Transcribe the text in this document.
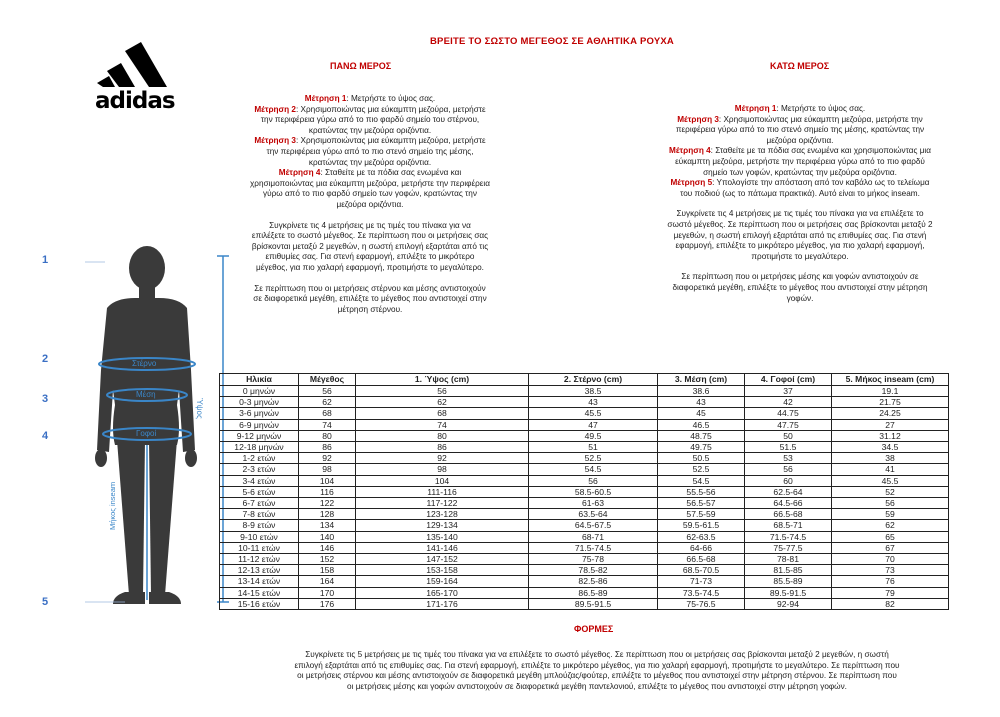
ΒΡΕΙΤΕ ΤΟ ΣΩΣΤΟ ΜΕΓΕΘΟΣ ΣΕ ΑΘΛΗΤΙΚΑ ΡΟΥΧΑ
adidas
ΠΑΝΩ ΜΕΡΟΣ

Μέτρηση 1: Μετρήστε το ύψος σας.

Μέτρηση 2: Χρησιμοποιώντας μια εύκαμπτη μεζούρα, μετρήστε

την περιφέρεια γύρω από το πιο φαρδύ σημείο του στέρνου,

κρατώντας την μεζούρα οριζόντια.

Μέτρηση 3: Χρησιμοποιώντας μια εύκαμπτη μεζούρα, μετρήστε

την περιφέρεια γύρω από το πιο στενό σημείο της μέσης,

κρατώντας την μεζούρα οριζόντια.

Μέτρηση 4: Σταθείτε με τα πόδια σας ενωμένα και

χρησιμοποιώντας μια εύκαμπτη μεζούρα, μετρήστε την περιφέρεια

γύρω από το πιο φαρδύ σημείο των γοφών, κρατώντας την

μεζούρα οριζόντια.

Συγκρίνετε τις 4 μετρήσεις με τις τιμές του πίνακα για να

επιλέξετε το σωστό μέγεθος. Σε περίπτωση που οι μετρήσεις σας

βρίσκονται μεταξύ 2 μεγεθών, η σωστή επιλογή εξαρτάται από τις

επιθυμίες σας. Για στενή εφαρμογή, επιλέξτε το μικρότερο

μέγεθος, για πιο χαλαρή εφαρμογή, προτιμήστε το μεγαλύτερο.

Σε περίπτωση που οι μετρήσεις στέρνου και μέσης αντιστοιχούν

σε διαφορετικά μεγέθη, επιλέξτε το μέγεθος που αντιστοιχεί στην

μέτρηση στέρνου.

ΚΑΤΩ ΜΕΡΟΣ

Μέτρηση 1: Μετρήστε το ύψος σας.

Μέτρηση 3: Χρησιμοποιώντας μια εύκαμπτη μεζούρα, μετρήστε την

περιφέρεια γύρω από το πιο στενό σημείο της μέσης, κρατώντας την

μεζούρα οριζόντια.

Μέτρηση 4: Σταθείτε με τα πόδια σας ενωμένα και χρησιμοποιώντας μια

εύκαμπτη μεζούρα, μετρήστε την περιφέρεια γύρω από το πιο φαρδύ

σημείο των γοφών, κρατώντας την μεζούρα οριζόντια.

Μέτρηση 5: Υπολογίστε την απόσταση από τον καβάλο ως το τελείωμα

του ποδιού (ως το πάτωμα πρακτικά). Αυτό είναι το μήκος inseam.

Συγκρίνετε τις 4 μετρήσεις με τις τιμές του πίνακα για να επιλέξετε το

σωστό μέγεθος. Σε περίπτωση που οι μετρήσεις σας βρίσκονται μεταξύ 2

μεγεθών, η σωστή επιλογή εξαρτάται από τις επιθυμίες σας. Για στενή

εφαρμογή, επιλέξτε το μικρότερο μέγεθος, για πιο χαλαρή εφαρμογή,

προτιμήστε το μεγαλύτερο.

Σε περίπτωση που οι μετρήσεις μέσης και γοφών αντιστοιχούν σε

διαφορετικά μεγέθη, επιλέξτε το μέγεθος που αντιστοιχεί στην μέτρηση

γοφών.

1
2
3
4
5
Στέρνο
Μέση
Γοφοί
Μήκος inseam
Ύψος
Ηλικία	Μέγεθος	1. Ύψος (cm)	2. Στέρνο (cm)	3. Μέση (cm)	4. Γοφοί (cm)	5. Μήκος inseam (cm)
0 μηνών	56	56	38.5	38.6	37	19.1
0-3 μηνών	62	62	43	43	42	21.75
3-6 μηνών	68	68	45.5	45	44.75	24.25
6-9 μηνών	74	74	47	46.5	47.75	27
9-12 μηνών	80	80	49.5	48.75	50	31.12
12-18 μηνών	86	86	51	49.75	51.5	34.5
1-2 ετών	92	92	52.5	50.5	53	38
2-3 ετών	98	98	54.5	52.5	56	41
3-4 ετών	104	104	56	54.5	60	45.5
5-6 ετών	116	111-116	58.5-60.5	55.5-56	62.5-64	52
6-7 ετών	122	117-122	61-63	56.5-57	64.5-66	56
7-8 ετών	128	123-128	63.5-64	57.5-59	66.5-68	59
8-9 ετών	134	129-134	64.5-67.5	59.5-61.5	68.5-71	62
9-10 ετών	140	135-140	68-71	62-63.5	71.5-74.5	65
10-11 ετών	146	141-146	71.5-74.5	64-66	75-77.5	67
11-12 ετών	152	147-152	75-78	66.5-68	78-81	70
12-13 ετών	158	153-158	78.5-82	68.5-70.5	81.5-85	73
13-14 ετών	164	159-164	82.5-86	71-73	85.5-89	76
14-15 ετών	170	165-170	86.5-89	73.5-74.5	89.5-91.5	79
15-16 ετών	176	171-176	89.5-91.5	75-76.5	92-94	82
ΦΟΡΜΕΣ

Συγκρίνετε τις 5 μετρήσεις με τις τιμές του πίνακα για να επιλέξετε το σωστό μέγεθος. Σε περίπτωση που οι μετρήσεις σας βρίσκονται μεταξύ 2 μεγεθών, η σωστή

επιλογή εξαρτάται από τις επιθυμίες σας. Για στενή εφαρμογή, επιλέξτε το μικρότερο μέγεθος, για πιο χαλαρή εφαρμογή, προτιμήστε το μεγαλύτερο. Σε περίπτωση που

οι μετρήσεις στέρνου και μέσης αντιστοιχούν σε διαφορετικά μεγέθη μπλούζας/φούτερ, επιλέξτε το μέγεθος που αντιστοιχεί στην μέτρηση στέρνου. Σε περίπτωση που

οι μετρήσεις μέσης και γοφών αντιστοιχούν σε διαφορετικά μεγέθη παντελονιού, επιλέξτε το μέγεθος που αντιστοιχεί στην μέτρηση γοφών.
